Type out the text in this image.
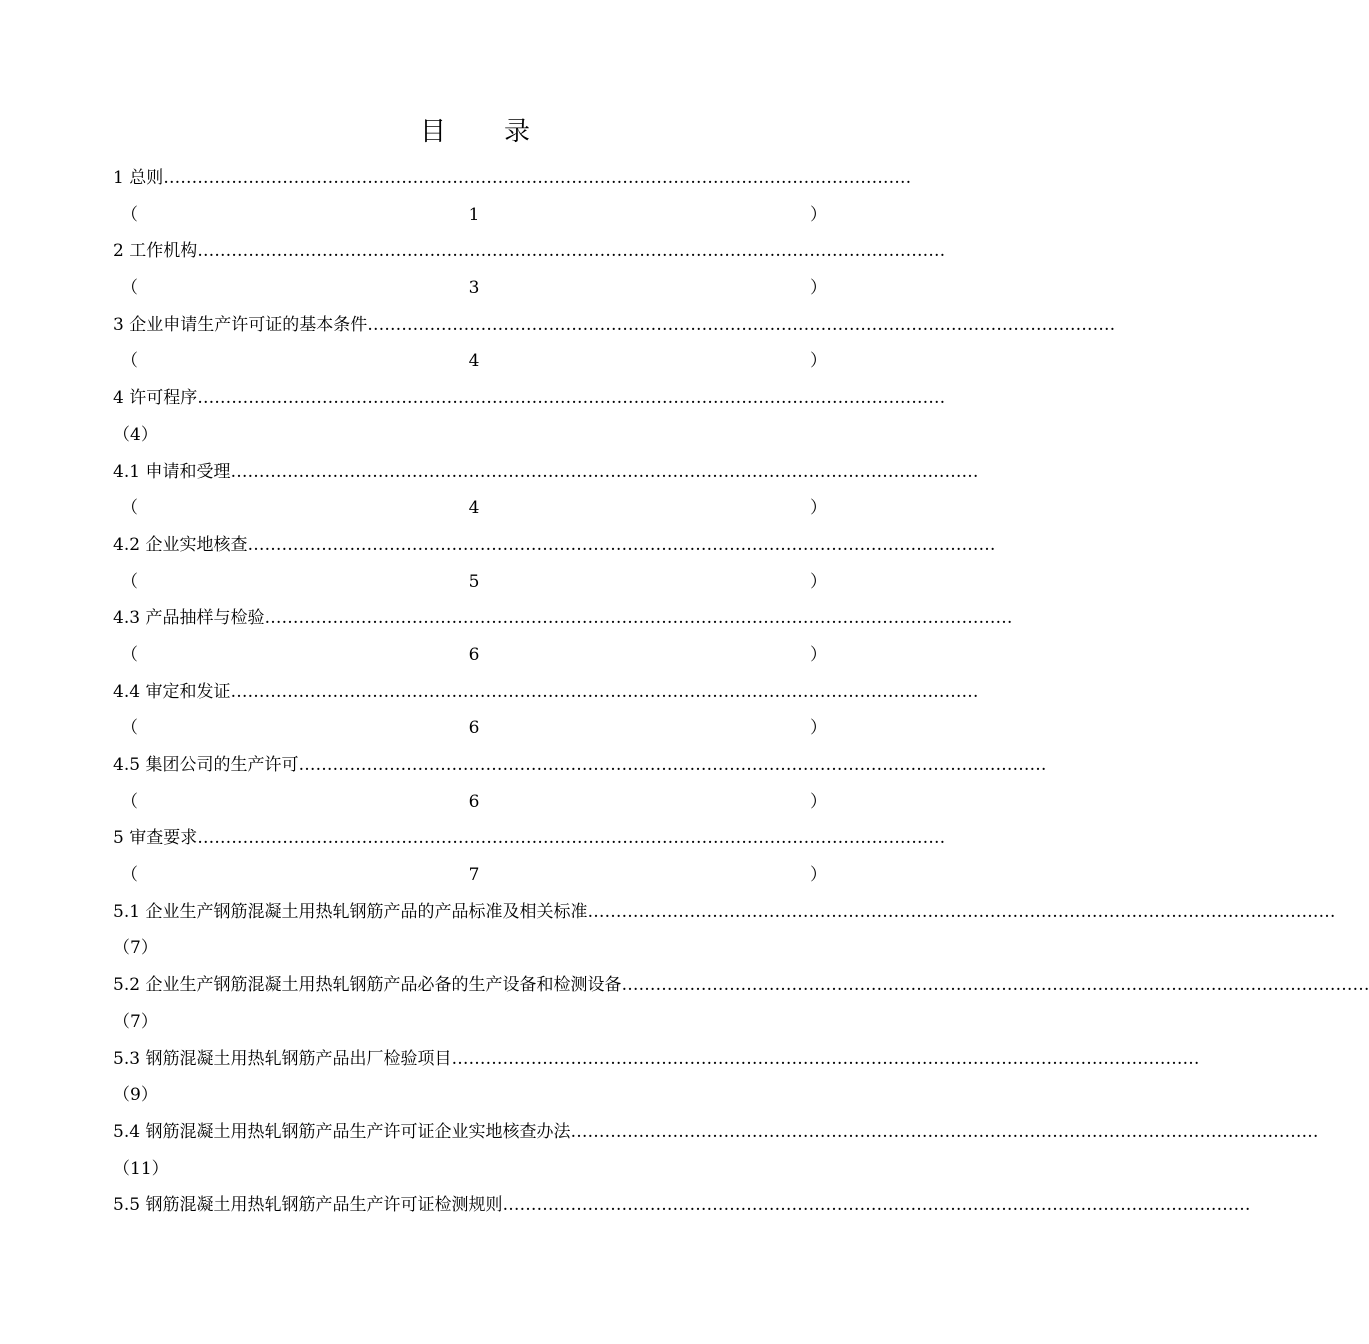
目 录
1 总则 ……………………………………………………………………………………………………………………
（	1	）
2 工作机构 ……………………………………………………………………………………………………………………
（	3	）
3 企业申请生产许可证的基本条件 ……………………………………………………………………………………………………………………
（	4	）
4 许可程序 ……………………………………………………………………………………………………………………
（4）
4.1 申请和受理 ……………………………………………………………………………………………………………………
（	4	）
4.2 企业实地核查 ……………………………………………………………………………………………………………………
（	5	）
4.3 产品抽样与检验 ……………………………………………………………………………………………………………………
（	6	）
4.4 审定和发证 ……………………………………………………………………………………………………………………
（	6	）
4.5 集团公司的生产许可 ……………………………………………………………………………………………………………………
（	6	）
5 审查要求 ……………………………………………………………………………………………………………………
（	7	）
5.1 企业生产钢筋混凝土用热轧钢筋产品的产品标准及相关标准 ……………………………………………………………………………………………………………………
（7）
5.2 企业生产钢筋混凝土用热轧钢筋产品必备的生产设备和检测设备 ……………………………………………………………………………………………………………………
（7）
5.3 钢筋混凝土用热轧钢筋产品出厂检验项目 ……………………………………………………………………………………………………………………
（9）
5.4 钢筋混凝土用热轧钢筋产品生产许可证企业实地核查办法 ……………………………………………………………………………………………………………………
（11）
5.5 钢筋混凝土用热轧钢筋产品生产许可证检测规则 ……………………………………………………………………………………………………………………
